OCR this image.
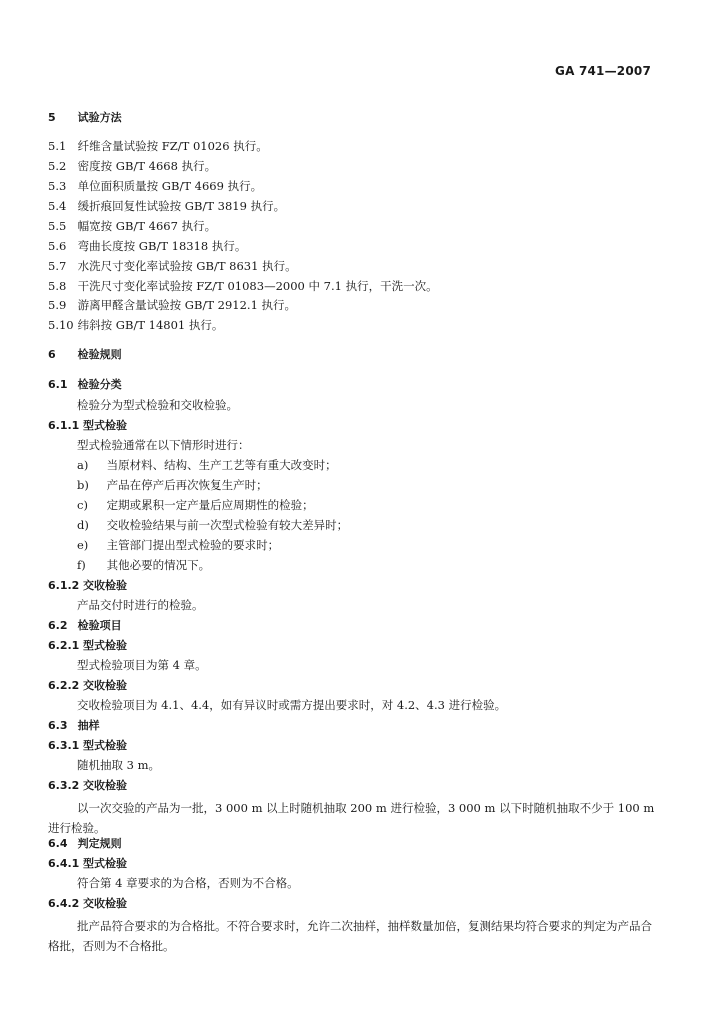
GA 741—2007
5 试验方法
5.1 纤维含量试验按 FZ/T 01026 执行。
5.2 密度按 GB/T 4668 执行。
5.3 单位面积质量按 GB/T 4669 执行。
5.4 缓折痕回复性试验按 GB/T 3819 执行。
5.5 幅宽按 GB/T 4667 执行。
5.6 弯曲长度按 GB/T 18318 执行。
5.7 水洗尺寸变化率试验按 GB/T 8631 执行。
5.8 干洗尺寸变化率试验按 FZ/T 01083—2000 中 7.1 执行，干洗一次。
5.9 游离甲醛含量试验按 GB/T 2912.1 执行。
5.10 纬斜按 GB/T 14801 执行。
6 检验规则
6.1 检验分类
检验分为型式检验和交收检验。
6.1.1 型式检验
型式检验通常在以下情形时进行：
a) 当原材料、结构、生产工艺等有重大改变时；
b) 产品在停产后再次恢复生产时；
c) 定期或累积一定产量后应周期性的检验；
d) 交收检验结果与前一次型式检验有较大差异时；
e) 主管部门提出型式检验的要求时；
f) 其他必要的情况下。
6.1.2 交收检验
产品交付时进行的检验。
6.2 检验项目
6.2.1 型式检验
型式检验项目为第 4 章。
6.2.2 交收检验
交收检验项目为 4.1、4.4，如有异议时或需方提出要求时，对 4.2、4.3 进行检验。
6.3 抽样
6.3.1 型式检验
随机抽取 3 m。
6.3.2 交收检验
以一次交验的产品为一批，3 000 m 以上时随机抽取 200 m 进行检验，3 000 m 以下时随机抽取不少于 100 m 进行检验。
6.4 判定规则
6.4.1 型式检验
符合第 4 章要求的为合格，否则为不合格。
6.4.2 交收检验
批产品符合要求的为合格批。不符合要求时，允许二次抽样，抽样数量加倍，复测结果均符合要求的判定为产品合格批，否则为不合格批。
